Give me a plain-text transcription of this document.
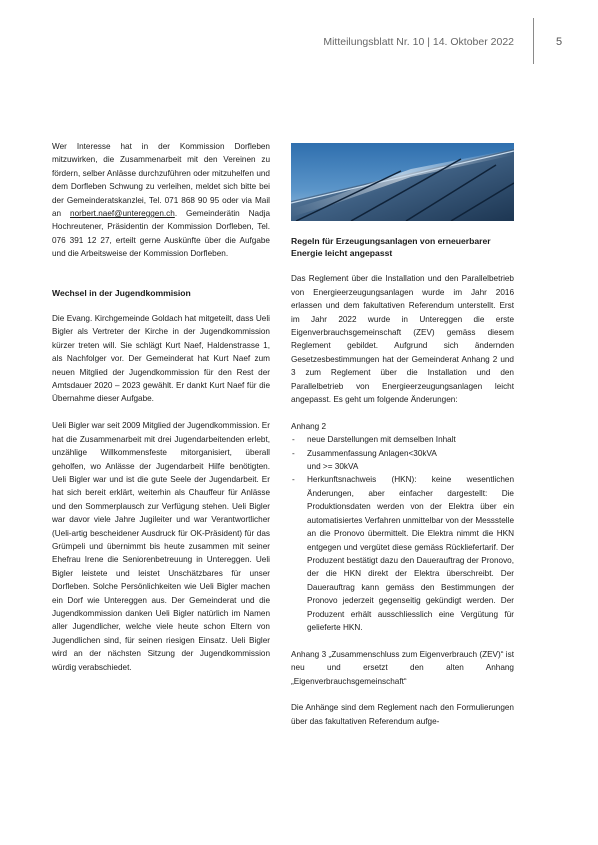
Mitteilungsblatt Nr. 10 | 14. Oktober 2022	5

Wer Interesse hat in der Kommission Dorfleben mitzuwirken, die Zusammenarbeit mit den Vereinen zu fördern, selber Anlässe durchzuführen oder mitzuhelfen und dem Dorfleben Schwung zu verleihen, meldet sich bitte bei der Gemeinderatskanzlei, Tel. 071 868 90 95 oder via Mail an norbert.naef@untereggen.ch. Gemeinderätin Nadja Hochreutener, Präsidentin der Kommission Dorfleben, Tel. 076 391 12 27, erteilt gerne Auskünfte über die Aufgabe und die Arbeitsweise der Kommission Dorfleben.

Wechsel in der Jugendkommision

Die Evang. Kirchgemeinde Goldach hat mitgeteilt, dass Ueli Bigler als Vertreter der Kirche in der Jugendkommission kürzer treten will. Sie schlägt Kurt Naef, Haldenstrasse 1, als Nachfolger vor. Der Gemeinderat hat Kurt Naef zum neuen Mitglied der Jugendkommission für den Rest der Amtsdauer 2020 – 2023 gewählt. Er dankt Kurt Naef für die Übernahme dieser Aufgabe.

Ueli Bigler war seit 2009 Mitglied der Jugendkommission. Er hat die Zusammenarbeit mit drei Jugendarbeitenden erlebt, unzählige Willkommensfeste mitorganisiert, überall geholfen, wo Anlässe der Jugendarbeit Hilfe benötigten. Ueli Bigler war und ist die gute Seele der Jugendarbeit. Er hat sich bereit erklärt, weiterhin als Chauffeur für Anlässe und den Sommerplausch zur Verfügung stehen. Ueli Bigler war davor viele Jahre Jugileiter und war Verantwortlicher (Ueli-artig bescheidener Ausdruck für OK-Präsident) für das Grümpeli und übernimmt bis heute zusammen mit seiner Ehefrau Irene die Seniorenbetreuung in Untereggen. Ueli Bigler leistete und leistet Unschätzbares für unser Dorfleben. Solche Persönlichkeiten wie Ueli Bigler machen ein Dorf wie Untereggen aus. Der Gemeinderat und die Jugendkommission danken Ueli Bigler natürlich im Namen aller Jugendlicher, welche viele heute schon Eltern von Jugendlichen sind, für seinen riesigen Einsatz. Ueli Bigler wird an der nächsten Sitzung der Jugendkommission würdig verabschiedet.

Regeln für Erzeugungsanlagen von erneuerbarer Energie leicht angepasst

Das Reglement über die Installation und den Parallelbetrieb von Energieerzeugungsanlagen wurde im Jahr 2016 erlassen und dem fakultativen Referendum unterstellt. Erst im Jahr 2022 wurde in Untereggen die erste Eigenverbrauchsgemeinschaft (ZEV) gemäss diesem Reglement gebildet. Aufgrund sich ändernden Gesetzesbestimmungen hat der Gemeinderat Anhang 2 und 3 zum Reglement über die Installation und den Parallelbetrieb von Energieerzeugungsanlagen leicht angepasst. Es geht um folgende Änderungen:

Anhang 2

- neue Darstellungen mit demselben Inhalt
- Zusammenfassung Anlagen<30kVA
und >= 30kVA
- Herkunftsnachweis (HKN): keine wesentlichen Änderungen, aber einfacher dargestellt: Die Produktionsdaten werden von der Elektra über ein automatisiertes Verfahren unmittelbar von der Messstelle an die Pronovo übermittelt. Die Elektra nimmt die HKN entgegen und vergütet diese gemäss Rückliefertarif. Der Produzent bestätigt dazu den Dauerauftrag der Pronovo, der die HKN direkt der Elektra überschreibt. Der Dauerauftrag kann gemäss den Bestimmungen der Pronovo jederzeit gegenseitig gekündigt werden. Der Produzent erhält ausschliesslich eine Vergütung für gelieferte HKN.

Anhang 3 „Zusammenschluss zum Eigenverbrauch (ZEV)“ ist neu und ersetzt den alten Anhang „Eigenverbrauchsgemeinschaft“

Die Anhänge sind dem Reglement nach den Formulierungen über das fakultativen Referendum aufge-
